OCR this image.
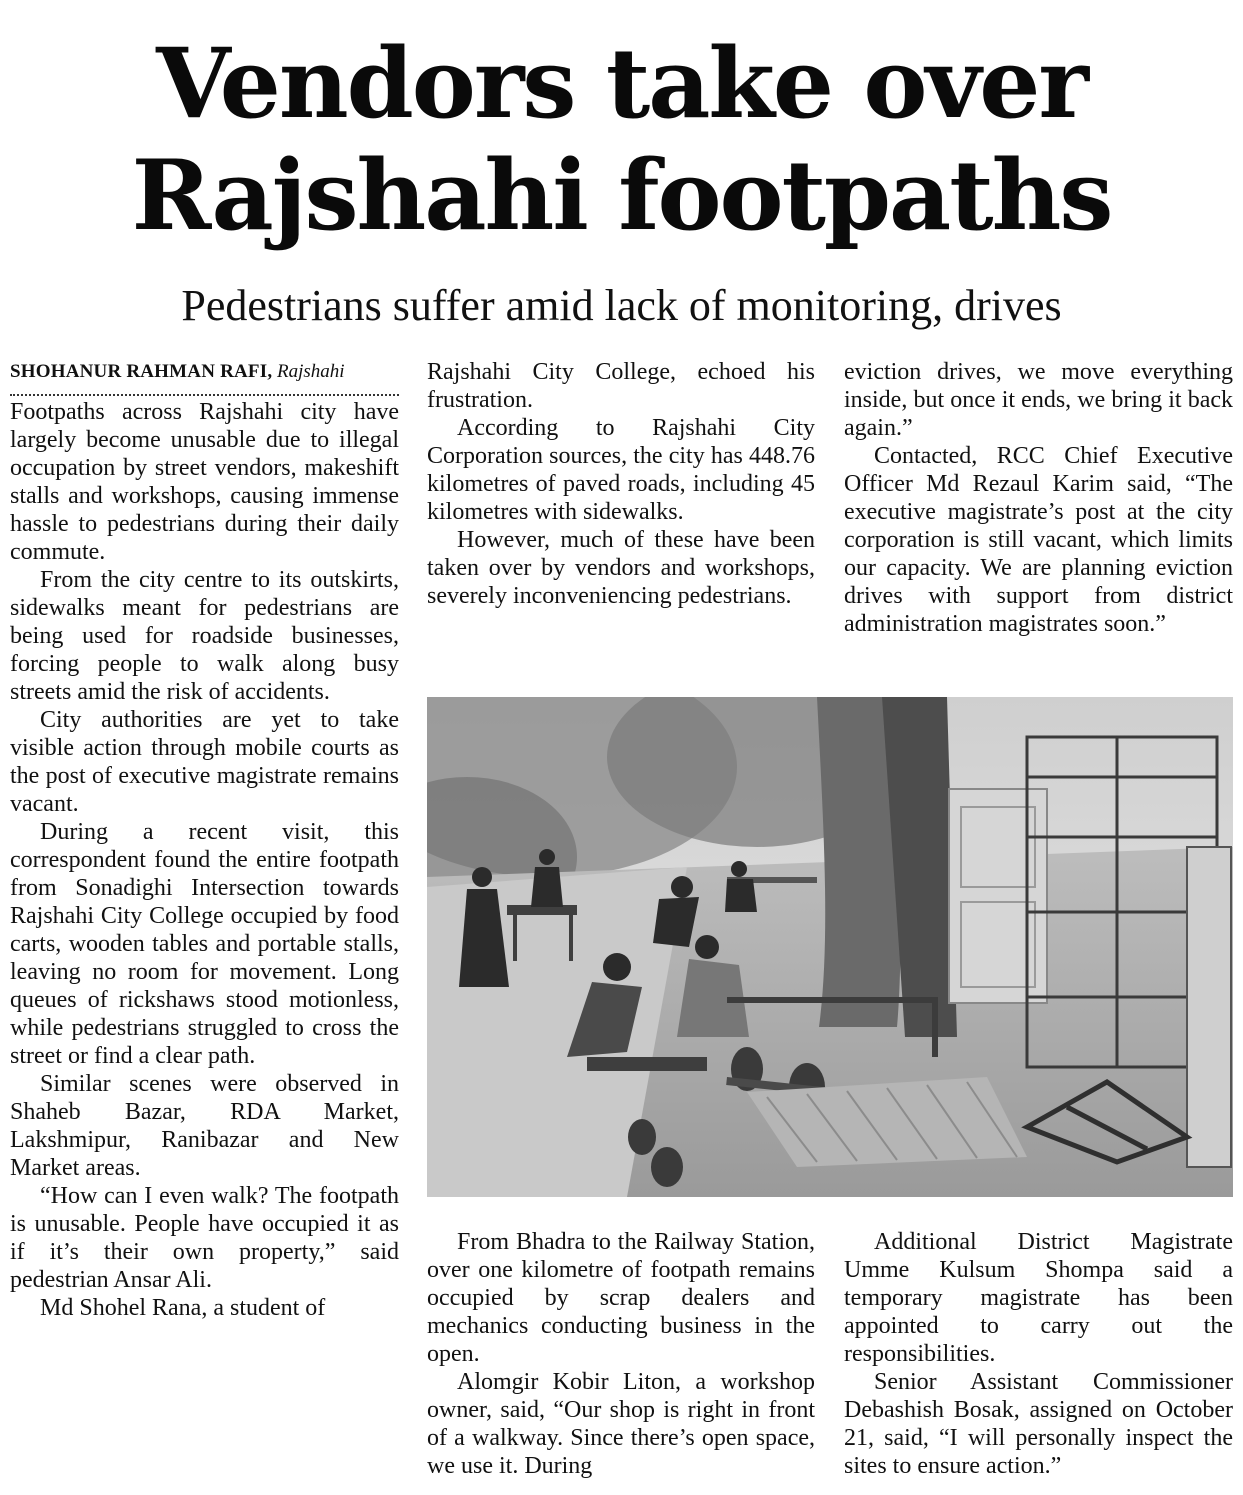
Vendors take over
Rajshahi footpaths
Pedestrians suffer amid lack of monitoring, drives
SHOHANUR RAHMAN RAFI, Rajshahi

Footpaths across Rajshahi city have largely become unusable due to illegal occupation by street vendors, makeshift stalls and workshops, causing immense hassle to pedestrians during their daily commute.

From the city centre to its outskirts, sidewalks meant for pedestrians are being used for roadside businesses, forcing people to walk along busy streets amid the risk of accidents.

City authorities are yet to take visible action through mobile courts as the post of executive magistrate remains vacant.

During a recent visit, this correspondent found the entire footpath from Sonadighi Intersection towards Rajshahi City College occupied by food carts, wooden tables and portable stalls, leaving no room for movement. Long queues of rickshaws stood motionless, while pedestrians struggled to cross the street or find a clear path.

Similar scenes were observed in Shaheb Bazar, RDA Market, Lakshmipur, Ranibazar and New Market areas.

“How can I even walk? The footpath is unusable. People have occupied it as if it’s their own property,” said pedestrian Ansar Ali.

Md Shohel Rana, a student of

Rajshahi City College, echoed his frustration.

According to Rajshahi City Corporation sources, the city has 448.76 kilometres of paved roads, including 45 kilometres with sidewalks.

However, much of these have been taken over by vendors and workshops, severely inconveniencing pedestrians.

eviction drives, we move everything inside, but once it ends, we bring it back again.”

Contacted, RCC Chief Executive Officer Md Rezaul Karim said, “The executive magistrate’s post at the city corporation is still vacant, which limits our capacity. We are planning eviction drives with support from district administration magistrates soon.”

From Bhadra to the Railway Station, over one kilometre of footpath remains occupied by scrap dealers and mechanics conducting business in the open.

Alomgir Kobir Liton, a workshop owner, said, “Our shop is right in front of a walkway. Since there’s open space, we use it. During

Additional District Magistrate Umme Kulsum Shompa said a temporary magistrate has been appointed to carry out the responsibilities.

Senior Assistant Commissioner Debashish Bosak, assigned on October 21, said, “I will personally inspect the sites to ensure action.”
